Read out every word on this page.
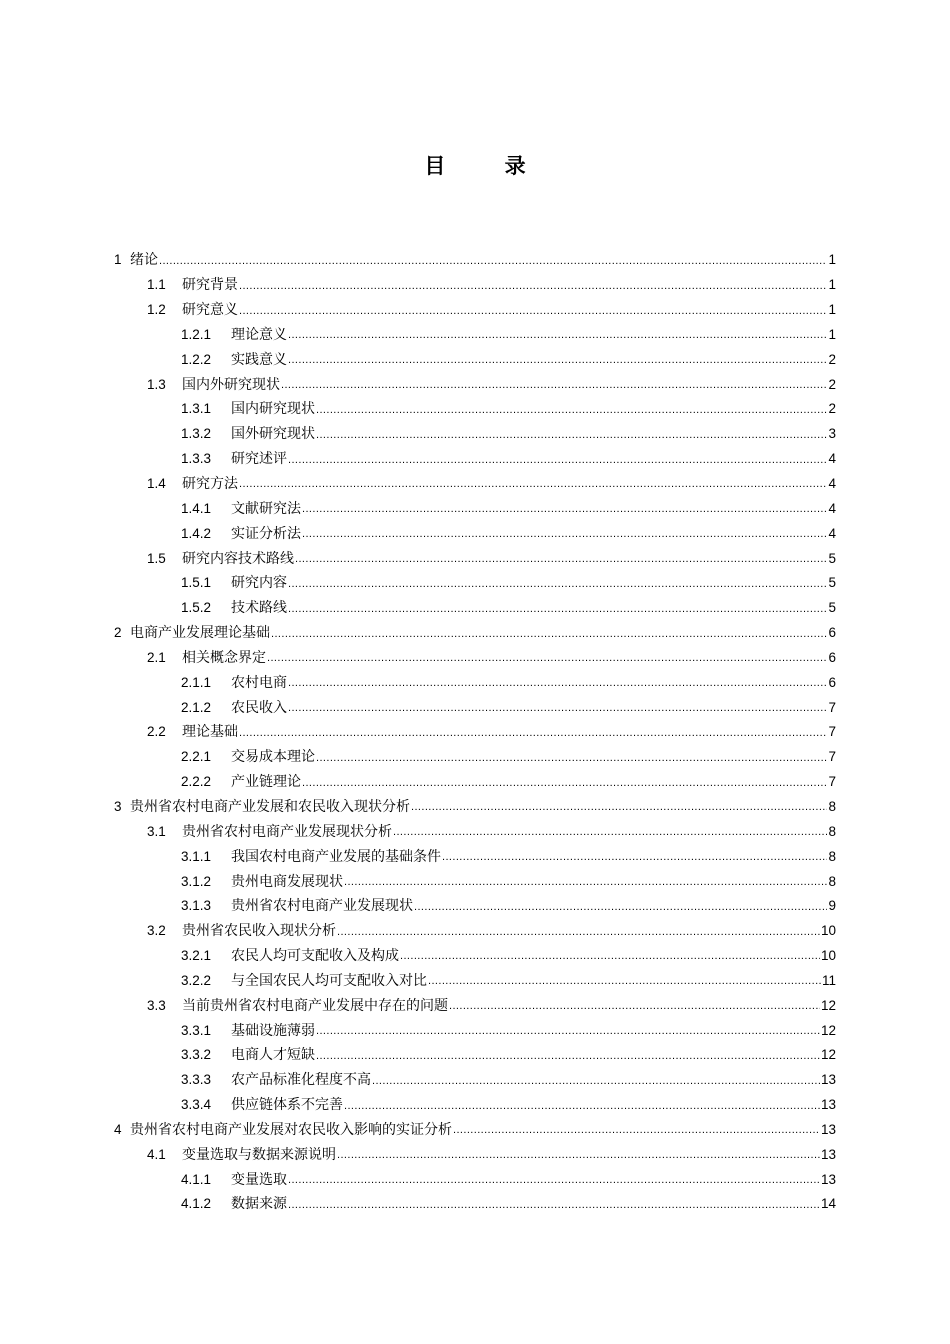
目 录
1 绪论 .....	1
1.1	研究背景 .....	1
1.2	研究意义 .....	1
1.2.1	理论意义 .....	1
1.2.2	实践意义 .....	2
1.3	国内外研究现状 .....	2
1.3.1	国内研究现状 .....	2
1.3.2	国外研究现状 .....	3
1.3.3	研究述评 .....	4
1.4	研究方法 .....	4
1.4.1	文献研究法 .....	4
1.4.2	实证分析法 .....	4
1.5	研究内容技术路线 .....	5
1.5.1	研究内容 .....	5
1.5.2	技术路线 .....	5
2 电商产业发展理论基础 .....	6
2.1	相关概念界定 .....	6
2.1.1	农村电商 .....	6
2.1.2	农民收入 .....	7
2.2	理论基础 .....	7
2.2.1	交易成本理论 .....	7
2.2.2	产业链理论 .....	7
3 贵州省农村电商产业发展和农民收入现状分析 .....	8
3.1	贵州省农村电商产业发展现状分析 .....	8
3.1.1	我国农村电商产业发展的基础条件 .....	8
3.1.2	贵州电商发展现状 .....	8
3.1.3	贵州省农村电商产业发展现状 .....	9
3.2	贵州省农民收入现状分析 .....	10
3.2.1	农民人均可支配收入及构成 .....	10
3.2.2	与全国农民人均可支配收入对比 .....	11
3.3	当前贵州省农村电商产业发展中存在的问题 .....	12
3.3.1	基础设施薄弱 .....	12
3.3.2	电商人才短缺 .....	12
3.3.3	农产品标准化程度不高 .....	13
3.3.4	供应链体系不完善 .....	13
4 贵州省农村电商产业发展对农民收入影响的实证分析 .....	13
4.1	变量选取与数据来源说明 .....	13
4.1.1	变量选取 .....	13
4.1.2	数据来源 .....	14
